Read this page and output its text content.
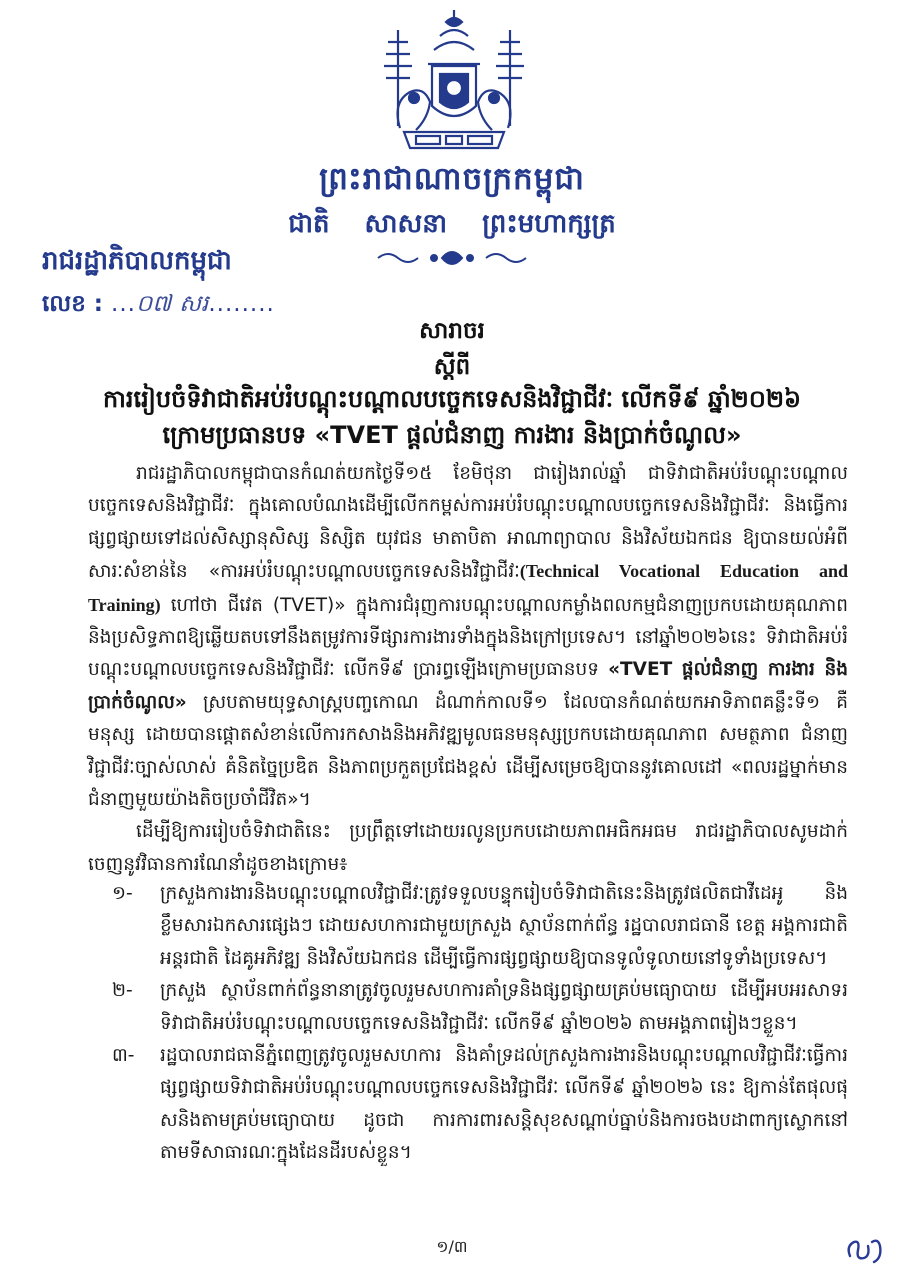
ព្រះរាជាណាចក្រកម្ពុជា
ជាតិ សាសនា ព្រះមហាក្សត្រ
រាជរដ្ឋាភិបាលកម្ពុជា
លេខ : ...០៧ សរ........
សារាចរ
ស្ដីពី
ការរៀបចំទិវាជាតិអប់រំបណ្ដុះបណ្ដាលបច្ចេកទេសនិងវិជ្ជាជីវៈ លើកទី៩ ឆ្នាំ២០២៦
ក្រោមប្រធានបទ «TVET ផ្ដល់ជំនាញ ការងារ និងប្រាក់ចំណូល»

រាជរដ្ឋាភិបាលកម្ពុជាបានកំណត់យកថ្ងៃទី១៥ ខែមិថុនា ជារៀងរាល់ឆ្នាំ ជាទិវាជាតិអប់រំបណ្ដុះបណ្ដាលបច្ចេកទេសនិងវិជ្ជាជីវៈ ក្នុងគោលបំណងដើម្បីលើកកម្ពស់ការអប់រំបណ្ដុះបណ្ដាលបច្ចេកទេសនិងវិជ្ជាជីវៈ និងធ្វើការផ្សព្វផ្សាយទៅដល់សិស្សានុសិស្ស និស្សិត យុវជន មាតាបិតា អាណាព្យាបាល និងវិស័យឯកជន ឱ្យបានយល់អំពីសារៈសំខាន់នៃ «ការអប់រំបណ្ដុះបណ្ដាលបច្ចេកទេសនិងវិជ្ជាជីវៈ(Technical Vocational Education and Training) ហៅថា ជីវេត (TVET)» ក្នុងការជំរុញការបណ្ដុះបណ្ដាលកម្លាំងពលកម្មជំនាញប្រកបដោយគុណភាព និងប្រសិទ្ធភាពឱ្យឆ្លើយតបទៅនឹងតម្រូវការទីផ្សារការងារទាំងក្នុងនិងក្រៅប្រទេស។ នៅឆ្នាំ២០២៦នេះ ទិវាជាតិអប់រំបណ្ដុះបណ្ដាលបច្ចេកទេសនិងវិជ្ជាជីវៈ លើកទី៩ ប្រារព្ធឡើងក្រោមប្រធានបទ «TVET ផ្ដល់ជំនាញ ការងារ និងប្រាក់ចំណូល» ស្របតាមយុទ្ធសាស្ត្របញ្ចកោណ ដំណាក់កាលទី១ ដែលបានកំណត់យកអាទិភាពគន្លឹះទី១ គឺ មនុស្ស ដោយបានផ្ដោតសំខាន់លើការកសាងនិងអភិវឌ្ឍមូលធនមនុស្សប្រកបដោយគុណភាព សមត្ថភាព ជំនាញវិជ្ជាជីវៈច្បាស់លាស់ គំនិតច្នៃប្រឌិត និងភាពប្រកួតប្រជែងខ្ពស់ ដើម្បីសម្រេចឱ្យបាននូវគោលដៅ «ពលរដ្ឋម្នាក់មានជំនាញមួយយ៉ាងតិចប្រចាំជីវិត»។

ដើម្បីឱ្យការរៀបចំទិវាជាតិនេះ ប្រព្រឹត្តទៅដោយរលូនប្រកបដោយភាពអធិកអធម រាជរដ្ឋាភិបាលសូមដាក់ចេញនូវវិធានការណែនាំដូចខាងក្រោម៖

១- ក្រសួងការងារនិងបណ្ដុះបណ្ដាលវិជ្ជាជីវៈត្រូវទទួលបន្ទុករៀបចំទិវាជាតិនេះនិងត្រូវផលិតជាវីដេអូ និងខ្លឹមសារឯកសារផ្សេងៗ ដោយសហការជាមួយក្រសួង ស្ថាប័នពាក់ព័ន្ធ រដ្ឋបាលរាជធានី ខេត្ត អង្គការជាតិ អន្តរជាតិ ដៃគូអភិវឌ្ឍ និងវិស័យឯកជន ដើម្បីធ្វើការផ្សព្វផ្សាយឱ្យបានទូលំទូលាយនៅទូទាំងប្រទេស។
២- ក្រសួង ស្ថាប័នពាក់ព័ន្ធនានាត្រូវចូលរួមសហការគាំទ្រនិងផ្សព្វផ្សាយគ្រប់មធ្យោបាយ ដើម្បីអបអរសាទរទិវាជាតិអប់រំបណ្ដុះបណ្ដាលបច្ចេកទេសនិងវិជ្ជាជីវៈ លើកទី៩ ឆ្នាំ២០២៦ តាមអង្គភាពរៀងៗខ្លួន។
៣- រដ្ឋបាលរាជធានីភ្នំពេញត្រូវចូលរួមសហការ និងគាំទ្រដល់ក្រសួងការងារនិងបណ្ដុះបណ្ដាលវិជ្ជាជីវៈធ្វើការផ្សព្វផ្សាយទិវាជាតិអប់រំបណ្ដុះបណ្ដាលបច្ចេកទេសនិងវិជ្ជាជីវៈ លើកទី៩ ឆ្នាំ២០២៦ នេះ ឱ្យកាន់តែផុលផុសនិងតាមគ្រប់មធ្យោបាយ ដូចជា ការការពារសន្តិសុខសណ្ដាប់ធ្នាប់និងការចងបដាពាក្យស្លោកនៅតាមទីសាធារណៈក្នុងដែនដីរបស់ខ្លួន។
១/៣
